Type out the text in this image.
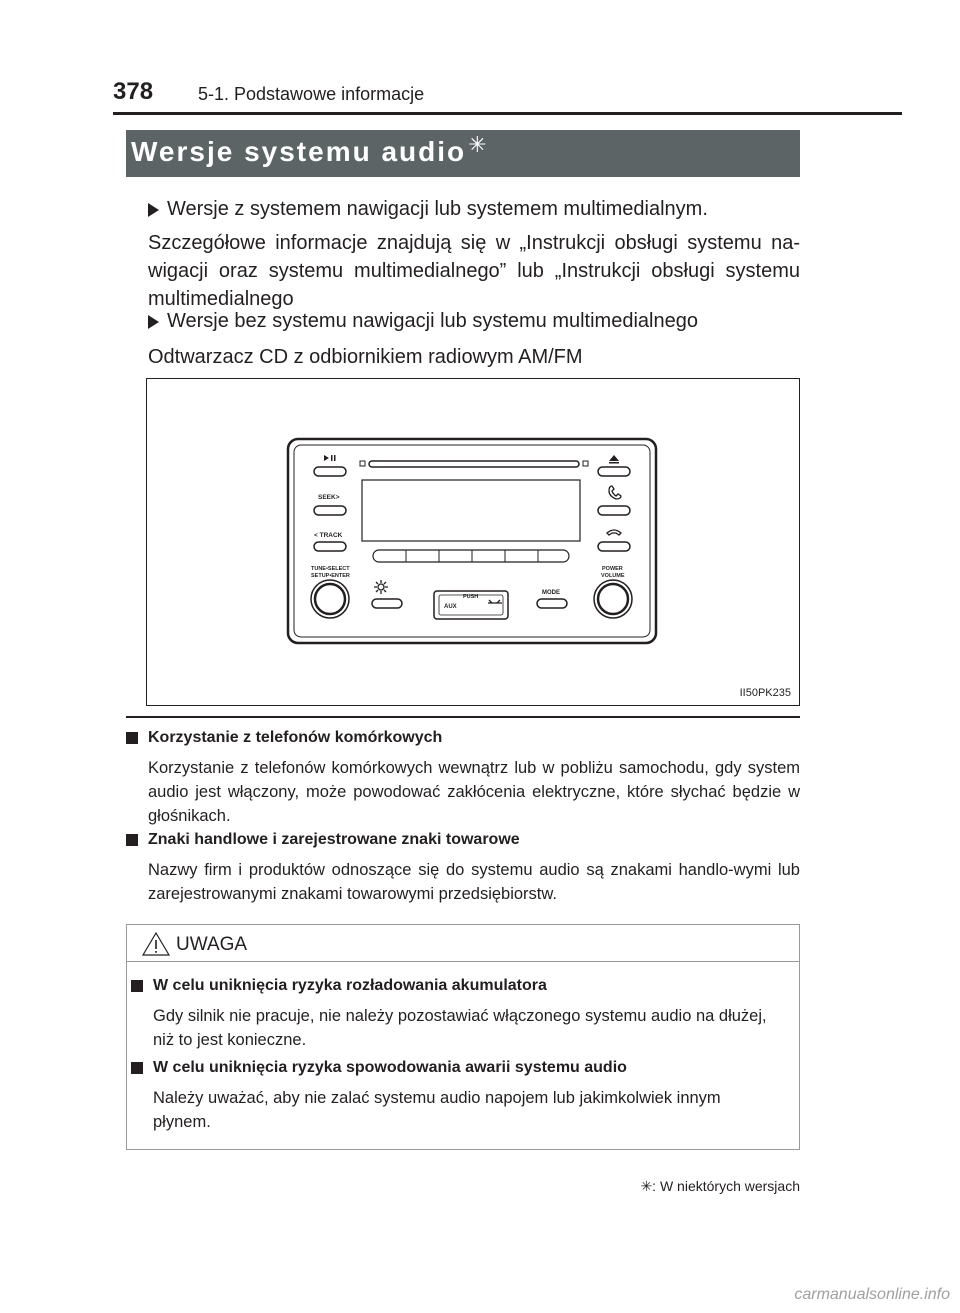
378 5-1. Podstawowe informacje
Wersje systemu audio✳
Wersje z systemem nawigacji lub systemem multimedialnym.
Szczegółowe informacje znajdują się w „Instrukcji obsługi systemu na-wigacji oraz systemu multimedialnego” lub „Instrukcji obsługi systemu multimedialnego
Wersje bez systemu nawigacji lub systemu multimedialnego
Odtwarzacz CD z odbiornikiem radiowym AM/FM
SEEK>
< TRACK
TUNE•SELECT
SETUP•ENTER
POWER
VOLUME
PUSH
AUX
MODE
II50PK235
Korzystanie z telefonów komórkowych
Korzystanie z telefonów komórkowych wewnątrz lub w pobliżu samochodu, gdy system audio jest włączony, może powodować zakłócenia elektryczne, które słychać będzie w głośnikach.
Znaki handlowe i zarejestrowane znaki towarowe
Nazwy firm i produktów odnoszące się do systemu audio są znakami handlo-wymi lub zarejestrowanymi znakami towarowymi przedsiębiorstw.
UWAGA
W celu uniknięcia ryzyka rozładowania akumulatora
Gdy silnik nie pracuje, nie należy pozostawiać włączonego systemu audio na dłużej, niż to jest konieczne.
W celu uniknięcia ryzyka spowodowania awarii systemu audio
Należy uważać, aby nie zalać systemu audio napojem lub jakimkolwiek innym płynem.
✳: W niektórych wersjach
carmanualsonline.info
